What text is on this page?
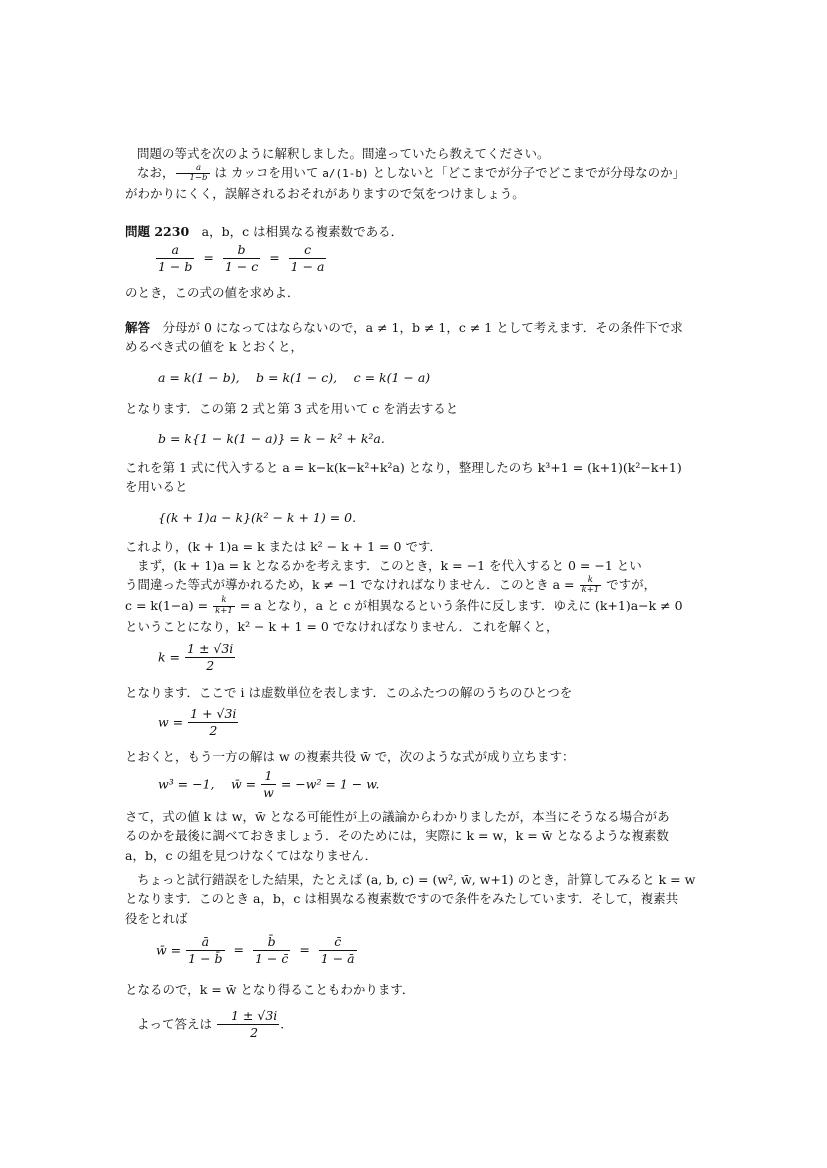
問題の等式を次のように解釈しました。間違っていたら教えてください。

なお， $\frac{a}{1-b}$ は カッコを用いて a/(1-b) としないと「どこまでが分子でどこまでが分母なのか」

がわかりにくく，誤解されるおそれがありますので気をつけましょう。

問題 2230　a，b，c は相異なる複素数である．

$\frac{a}{1 - b} = \frac{b}{1 - c} = \frac{c}{1 - a}$

のとき，この式の値を求めよ．

解答　分母が 0 になってはならないので，a ≠ 1，b ≠ 1，c ≠ 1 として考えます．その条件下で求

めるべき式の値を k とおくと，

a = k(1 − b),　 b = k(1 − c),　 c = k(1 − a)

となります．この第 2 式と第 3 式を用いて c を消去すると

b = k{1 − k(1 − a)} = k − k² + k²a.

これを第 1 式に代入すると a = k−k(k−k²+k²a) となり，整理したのち k³+1 = (k+1)(k²−k+1)

を用いると

{(k + 1)a − k}(k² − k + 1) = 0.

これより，(k + 1)a = k または k² − k + 1 = 0 です．

まず，(k + 1)a = k となるかを考えます．このとき，k = −1 を代入すると 0 = −1 とい

う間違った等式が導かれるため，k ≠ −1 でなければなりません．このとき $a = \frac{k}{k+1}$ ですが，

$c = k(1-a) = \frac{k}{k+1} = a$ となり，a と c が相異なるという条件に反します．ゆえに (k+1)a−k ≠ 0

ということになり，k² − k + 1 = 0 でなければなりません．これを解くと，

$k = \frac{1 \pm √3i}{2}$

となります．ここで i は虚数単位を表します．このふたつの解のうちのひとつを

$w = \frac{1 + √3i}{2}$

とおくと，もう一方の解は w の複素共役 w̄ で，次のような式が成り立ちます：

w³ = −1,　 w̄ = $\frac{1}{w} = -w^2 = 1 - w$.

さて，式の値 k は w，w̄ となる可能性が上の議論からわかりましたが，本当にそうなる場合があ

るのかを最後に調べておきましょう．そのためには，実際に k = w，k = w̄ となるような複素数

a，b，c の組を見つけなくてはなりません．

ちょっと試行錯誤をした結果，たとえば (a, b, c) = (w², w̄, w+1) のとき，計算してみると k = w

となります．このとき a，b，c は相異なる複素数ですので条件をみたしています．そして，複素共

役をとれば

w̄ = $\frac{ā}{1 - b̄} = \frac{b̄}{1 - c̄} = \frac{c̄}{1 - ā}$

となるので，k = w̄ となり得ることもわかります．

よって答えは $\frac{1 \pm √3i}{2}$ .
